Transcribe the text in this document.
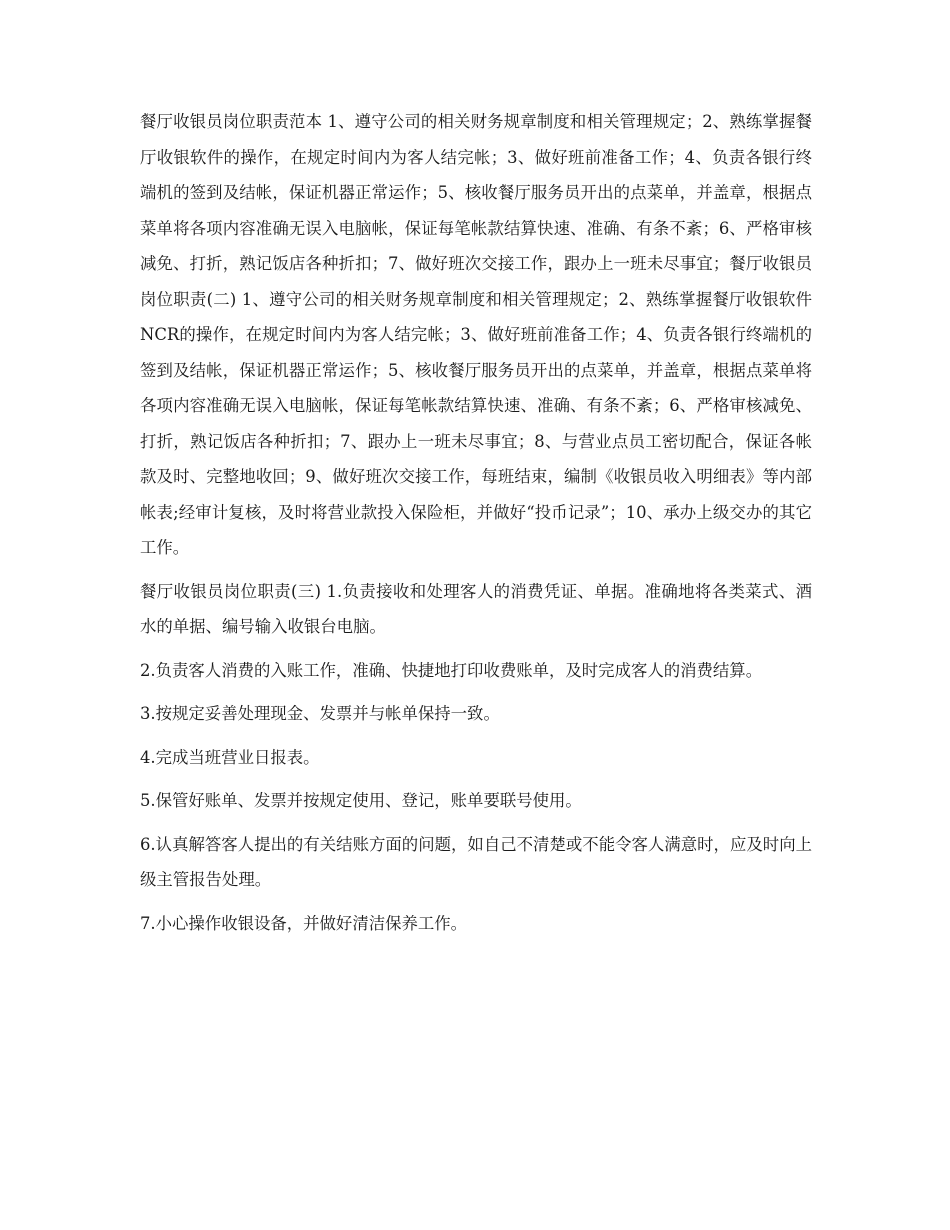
餐厅收银员岗位职责范本 1、遵守公司的相关财务规章制度和相关管理规定；2、熟练掌握餐厅收银软件的操作，在规定时间内为客人结完帐；3、做好班前准备工作；4、负责各银行终端机的签到及结帐，保证机器正常运作；5、核收餐厅服务员开出的点菜单，并盖章，根据点菜单将各项内容准确无误入电脑帐，保证每笔帐款结算快速、准确、有条不紊；6、严格审核减免、打折，熟记饭店各种折扣；7、做好班次交接工作，跟办上一班未尽事宜；餐厅收银员岗位职责(二) 1、遵守公司的相关财务规章制度和相关管理规定；2、熟练掌握餐厅收银软件NCR的操作，在规定时间内为客人结完帐；3、做好班前准备工作；4、负责各银行终端机的签到及结帐，保证机器正常运作；5、核收餐厅服务员开出的点菜单，并盖章，根据点菜单将各项内容准确无误入电脑帐，保证每笔帐款结算快速、准确、有条不紊；6、严格审核减免、打折，熟记饭店各种折扣；7、跟办上一班未尽事宜；8、与营业点员工密切配合，保证各帐款及时、完整地收回；9、做好班次交接工作，每班结束，编制《收银员收入明细表》等内部帐表;经审计复核，及时将营业款投入保险柜，并做好“投币记录”；10、承办上级交办的其它工作。

餐厅收银员岗位职责(三) 1.负责接收和处理客人的消费凭证、单据。准确地将各类菜式、酒水的单据、编号输入收银台电脑。

2.负责客人消费的入账工作，准确、快捷地打印收费账单，及时完成客人的消费结算。

3.按规定妥善处理现金、发票并与帐单保持一致。

4.完成当班营业日报表。

5.保管好账单、发票并按规定使用、登记，账单要联号使用。

6.认真解答客人提出的有关结账方面的问题，如自己不清楚或不能令客人满意时，应及时向上级主管报告处理。

7.小心操作收银设备，并做好清洁保养工作。
